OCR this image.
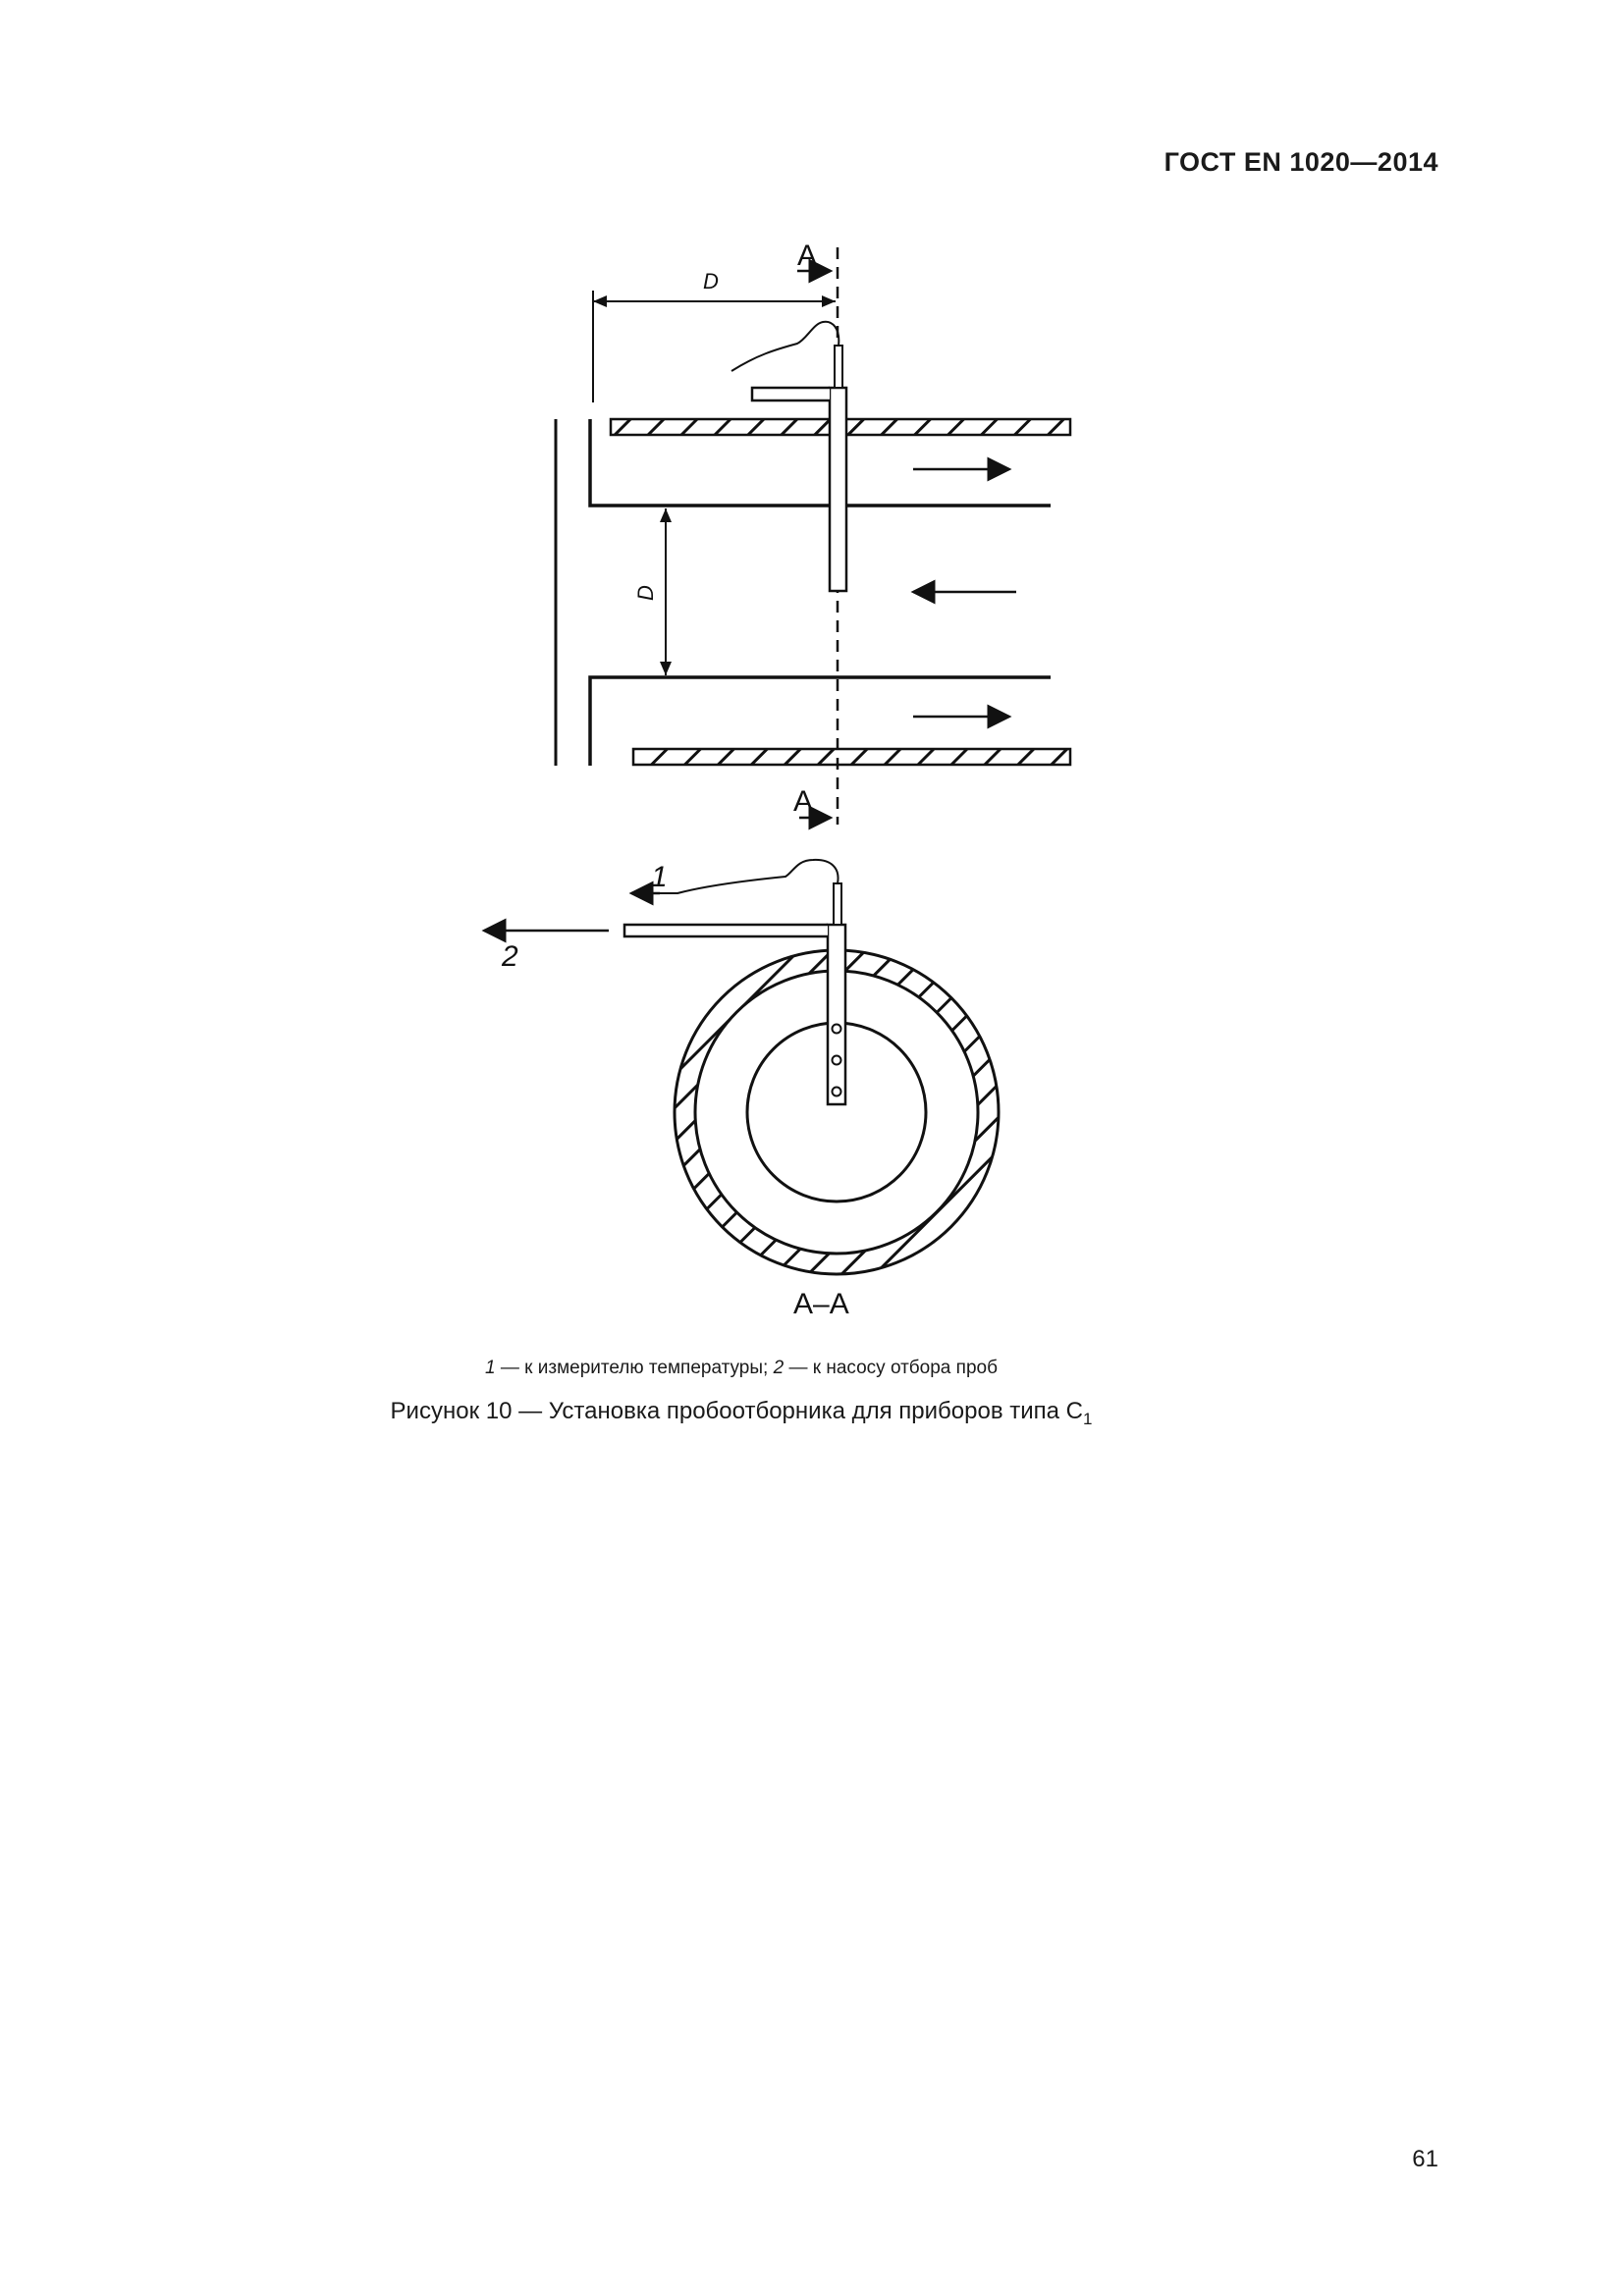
ГОСТ EN 1020—2014
D
D
A
A
1
2
A–A
1 — к измерителю температуры; 2 — к насосу отбора проб
Рисунок 10 — Установка пробоотборника для приборов типа $C_1$
61
